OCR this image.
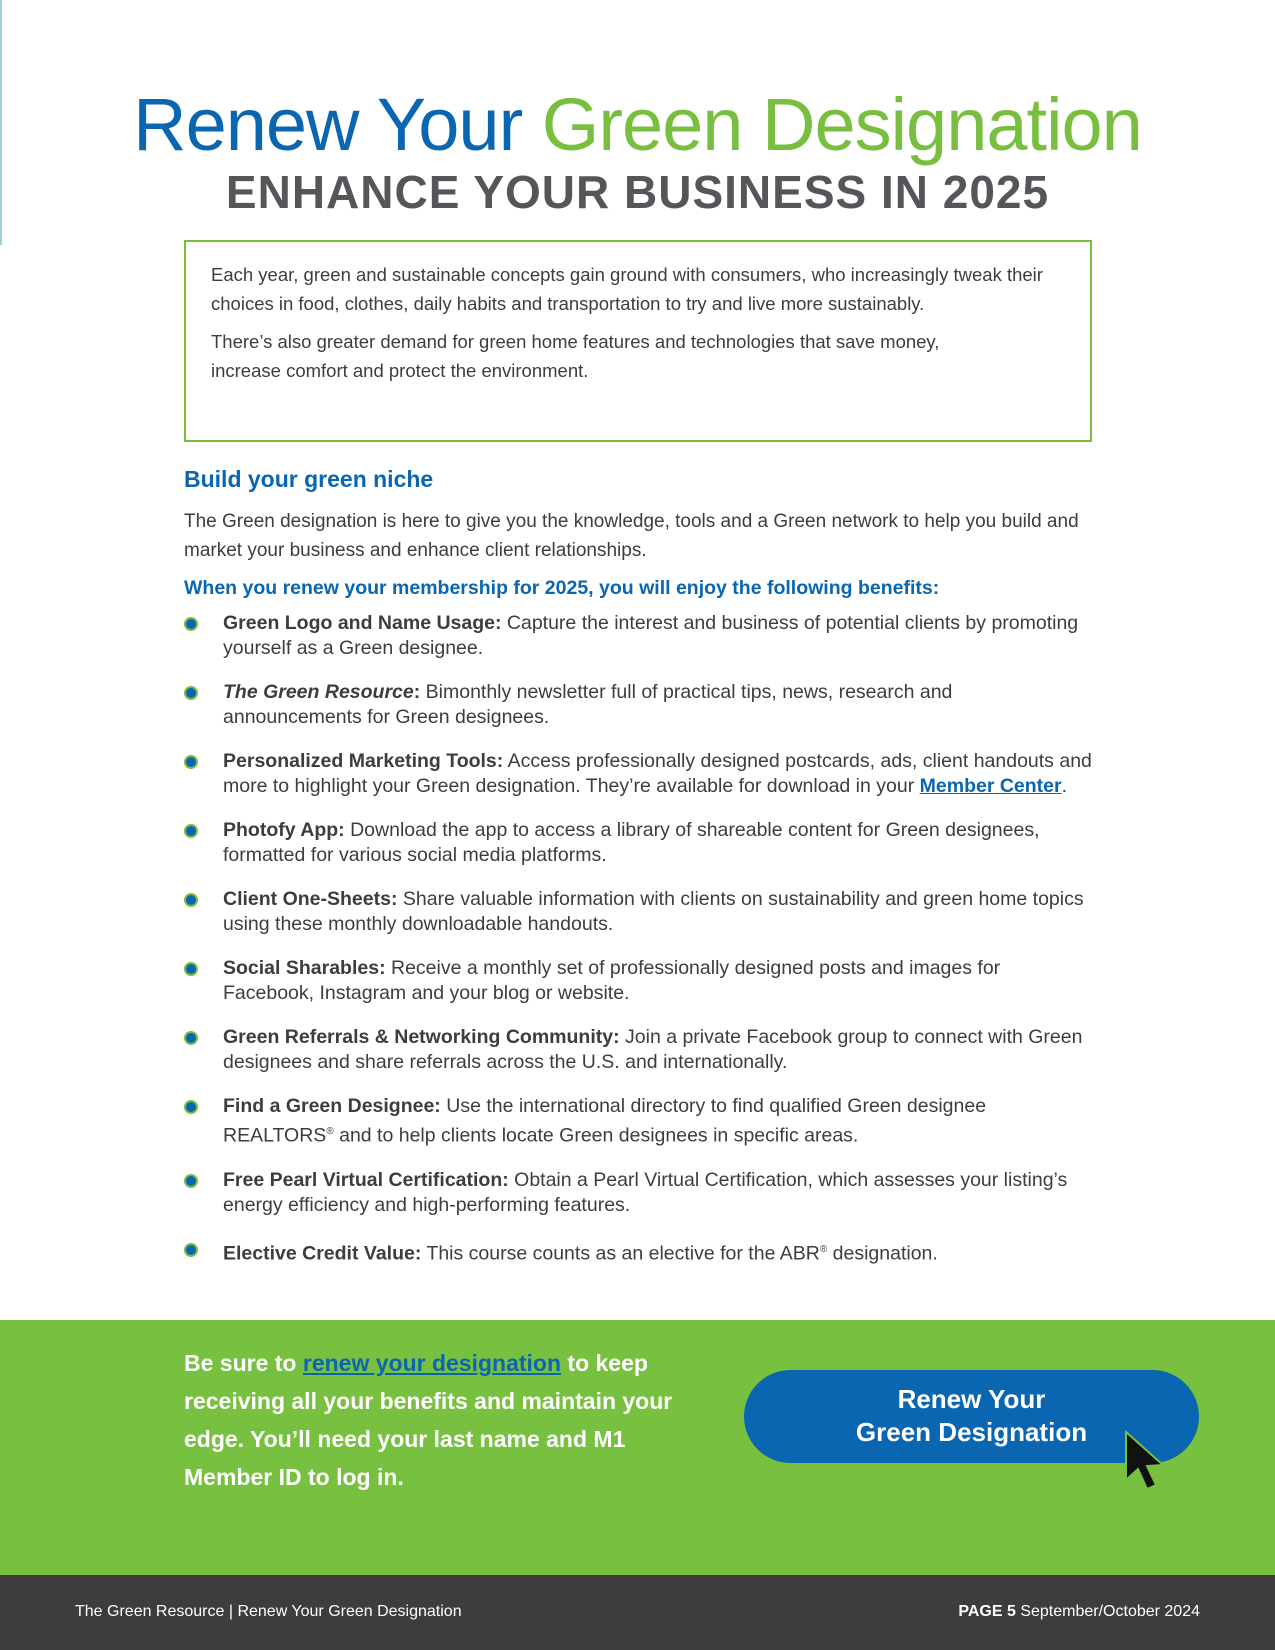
Renew Your Green Designation
ENHANCE YOUR BUSINESS IN 2025

Each year, green and sustainable concepts gain ground with consumers, who increasingly tweak their choices in food, clothes, daily habits and transportation to try and live more sustainably.

There’s also greater demand for green home features and technologies that save money, increase comfort and protect the environment.

Build your green niche

The Green designation is here to give you the knowledge, tools and a Green network to help you build and market your business and enhance client relationships.

When you renew your membership for 2025, you will enjoy the following benefits:

Green Logo and Name Usage: Capture the interest and business of potential clients by promoting yourself as a Green designee.
The Green Resource: Bimonthly newsletter full of practical tips, news, research and announcements for Green designees.
Personalized Marketing Tools: Access professionally designed postcards, ads, client handouts and more to highlight your Green designation. They’re available for download in your Member Center.
Photofy App: Download the app to access a library of shareable content for Green designees, formatted for various social media platforms.
Client One-Sheets: Share valuable information with clients on sustainability and green home topics using these monthly downloadable handouts.
Social Sharables: Receive a monthly set of professionally designed posts and images for Facebook, Instagram and your blog or website.
Green Referrals & Networking Community: Join a private Facebook group to connect with Green designees and share referrals across the U.S. and internationally.
Find a Green Designee: Use the international directory to find qualified Green designee REALTORS® and to help clients locate Green designees in specific areas.
Free Pearl Virtual Certification: Obtain a Pearl Virtual Certification, which assesses your listing’s energy efficiency and high-performing features.
Elective Credit Value: This course counts as an elective for the ABR® designation.

Be sure to renew your designation to keep receiving all your benefits and maintain your edge. You’ll need your last name and M1 Member ID to log in.

Renew Your
Green Designation
The Green Resource | Renew Your Green Designation	PAGE 5 September/October 2024
